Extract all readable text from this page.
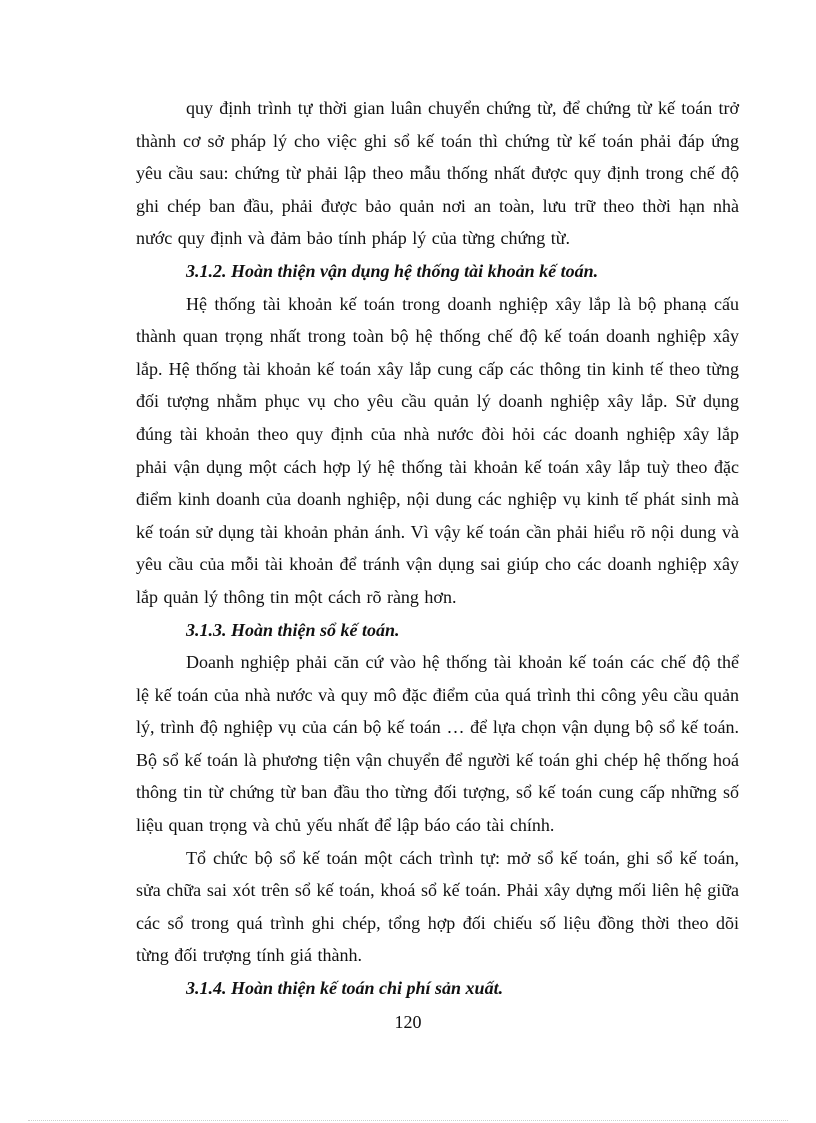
quy định trình tự thời gian luân chuyển chứng từ, để chứng từ kế toán trở thành cơ sở pháp lý cho việc ghi sổ kế toán thì chứng từ kế toán phải đáp ứng yêu cầu sau: chứng từ phải lập theo mẫu thống nhất được quy định trong chế độ ghi chép ban đầu, phải được bảo quản nơi an toàn, lưu trữ theo thời hạn nhà nước quy định và đảm bảo tính pháp lý của từng chứng từ.

3.1.2. Hoàn thiện vận dụng hệ thống tài khoản kế toán.

Hệ thống tài khoản kế toán trong doanh nghiệp xây lắp là bộ phanạ cấu thành quan trọng nhất trong toàn bộ hệ thống chế độ kế toán doanh nghiệp xây lắp. Hệ thống tài khoản kế toán xây lắp cung cấp các thông tin kinh tế theo từng đối tượng nhằm phục vụ cho yêu cầu quản lý doanh nghiệp xây lắp. Sử dụng đúng tài khoản theo quy định của nhà nước đòi hỏi các doanh nghiệp xây lắp phải vận dụng một cách hợp lý hệ thống tài khoản kế toán xây lắp tuỳ theo đặc điểm kinh doanh của doanh nghiệp, nội dung các nghiệp vụ kinh tế phát sinh mà kế toán sử dụng tài khoản phản ánh. Vì vậy kế toán cần phải hiểu rõ nội dung và yêu cầu của mỗi tài khoản để tránh vận dụng sai giúp cho các doanh nghiệp xây lắp quản lý thông tin một cách rõ ràng hơn.

3.1.3. Hoàn thiện sổ kế toán.

Doanh nghiệp phải căn cứ vào hệ thống tài khoản kế toán các chế độ thể lệ kế toán của nhà nước và quy mô đặc điểm của quá trình thi công yêu cầu quản lý, trình độ nghiệp vụ của cán bộ kế toán … để lựa chọn vận dụng bộ sổ kế toán. Bộ sổ kế toán là phương tiện vận chuyển để người kế toán ghi chép hệ thống hoá thông tin từ chứng từ ban đầu tho từng đối tượng, sổ kế toán cung cấp những số liệu quan trọng và chủ yếu nhất để lập báo cáo tài chính.

Tổ chức bộ sổ kế toán một cách trình tự: mở sổ kế toán, ghi sổ kế toán, sửa chữa sai xót trên sổ kế toán, khoá sổ kế toán. Phải xây dựng mối liên hệ giữa các sổ trong quá trình ghi chép, tổng hợp đối chiếu số liệu đồng thời theo dõi từng đối trượng tính giá thành.

3.1.4. Hoàn thiện kế toán chi phí sản xuất.

120
